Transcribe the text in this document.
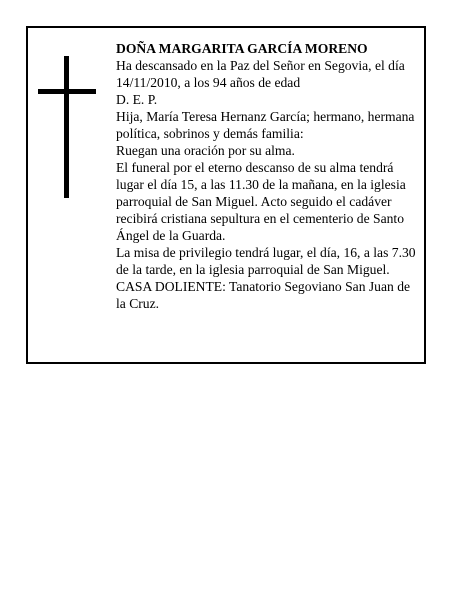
DOÑA MARGARITA GARCÍA MORENO

Ha descansado en la Paz del Señor en Segovia, el día 14/11/2010, a los 94 años de edad

D. E. P.

Hija, María Teresa Hernanz García; hermano, hermana política, sobrinos y demás familia:

Ruegan una oración por su alma.

El funeral por el eterno descanso de su alma tendrá lugar el día 15, a las 11.30 de la mañana, en la iglesia parroquial de San Miguel. Acto seguido el cadáver recibirá cristiana sepultura en el cementerio de Santo Ángel de la Guarda.

La misa de privilegio tendrá lugar, el día, 16, a las 7.30 de la tarde, en la iglesia parroquial de San Miguel.

CASA DOLIENTE: Tanatorio Segoviano San Juan de la Cruz.
